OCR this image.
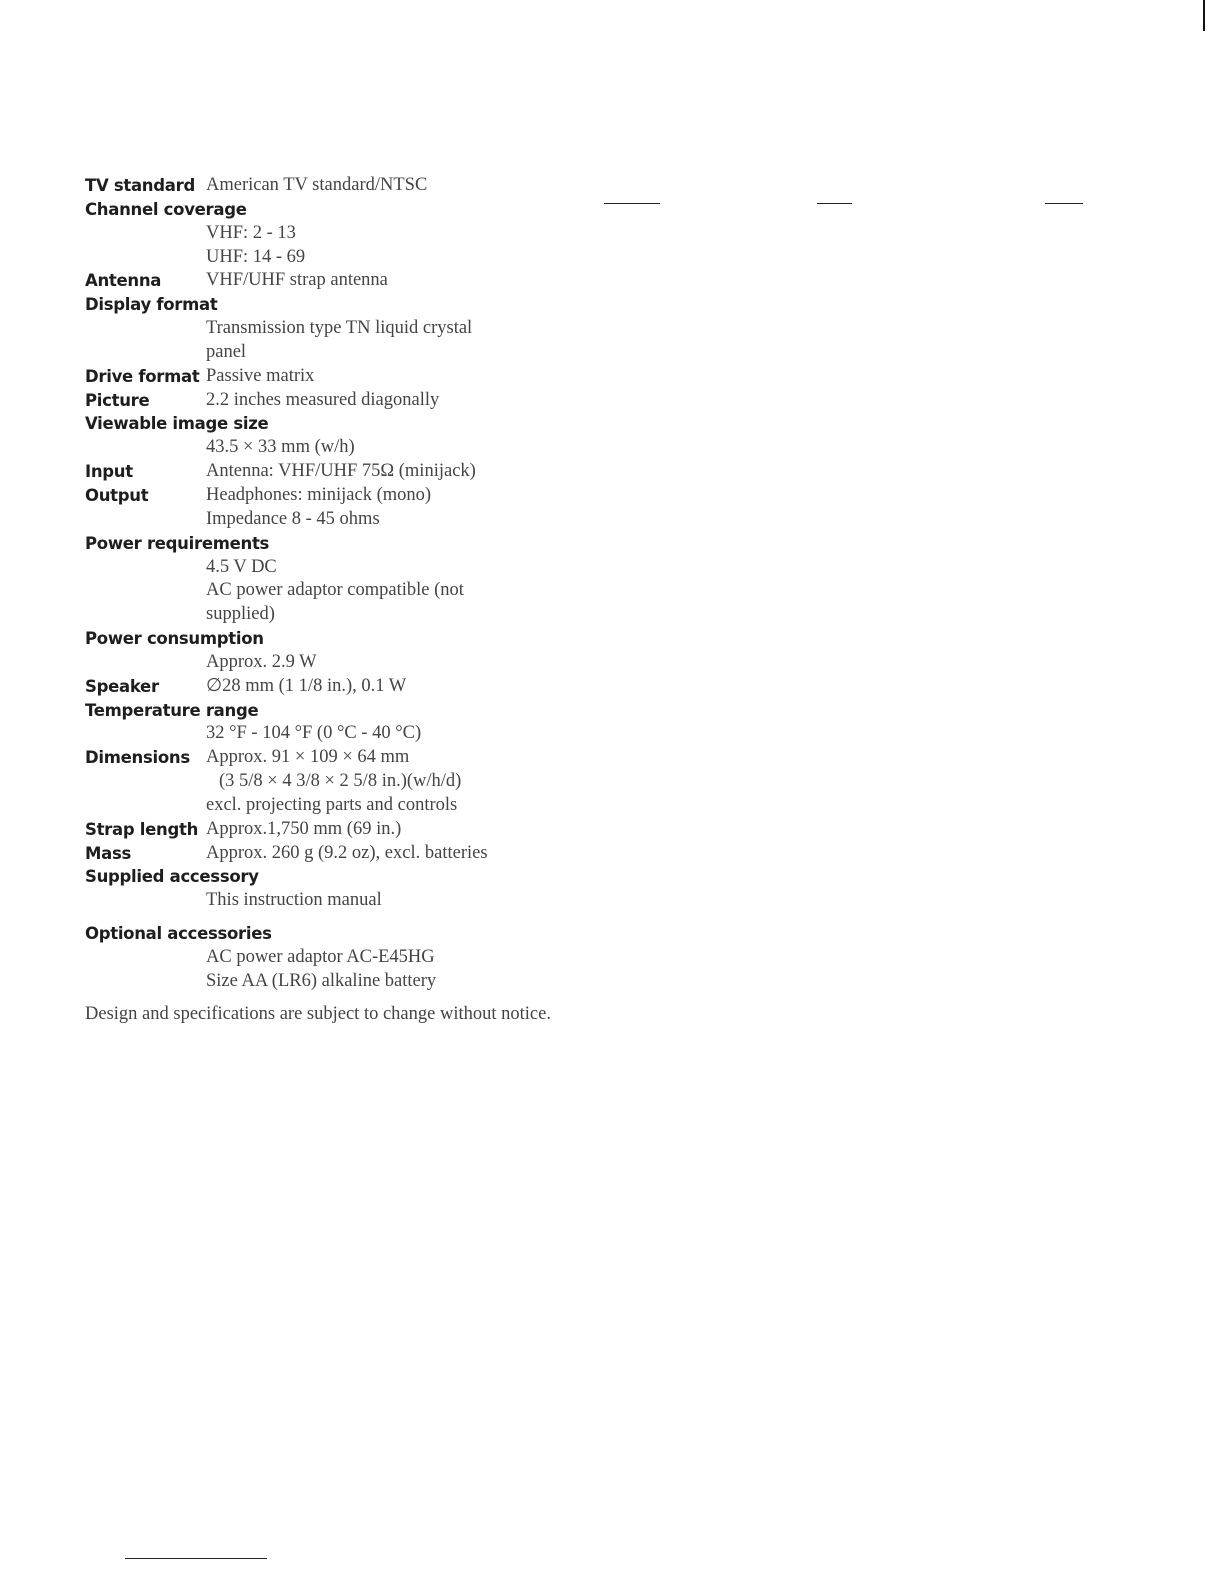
TV standard American TV standard/NTSC
Channel coverage
VHF: 2 - 13
UHF: 14 - 69
Antenna VHF/UHF strap antenna
Display format
Transmission type TN liquid crystal
panel
Drive format Passive matrix
Picture	2.2 inches measured diagonally
Viewable image size
43.5 × 33 mm (w/h)
Input	Antenna: VHF/UHF 75Ω (minijack)
Output	Headphones: minijack (mono)
Impedance 8 - 45 ohms
Power requirements
4.5 V DC
AC power adaptor compatible (not
supplied)
Power consumption
Approx. 2.9 W
Speaker	∅28 mm (1 1/8 in.), 0.1 W
Temperature range
32 °F - 104 °F (0 °C - 40 °C)
Dimensions Approx. 91 × 109 × 64 mm
(3 5/8 × 4 3/8 × 2 5/8 in.)(w/h/d)
excl. projecting parts and controls
Strap length Approx.1,750 mm (69 in.)
Mass	Approx. 260 g (9.2 oz), excl. batteries
Supplied accessory
This instruction manual
Optional accessories
AC power adaptor AC-E45HG
Size AA (LR6) alkaline battery
Design and specifications are subject to change without notice.
